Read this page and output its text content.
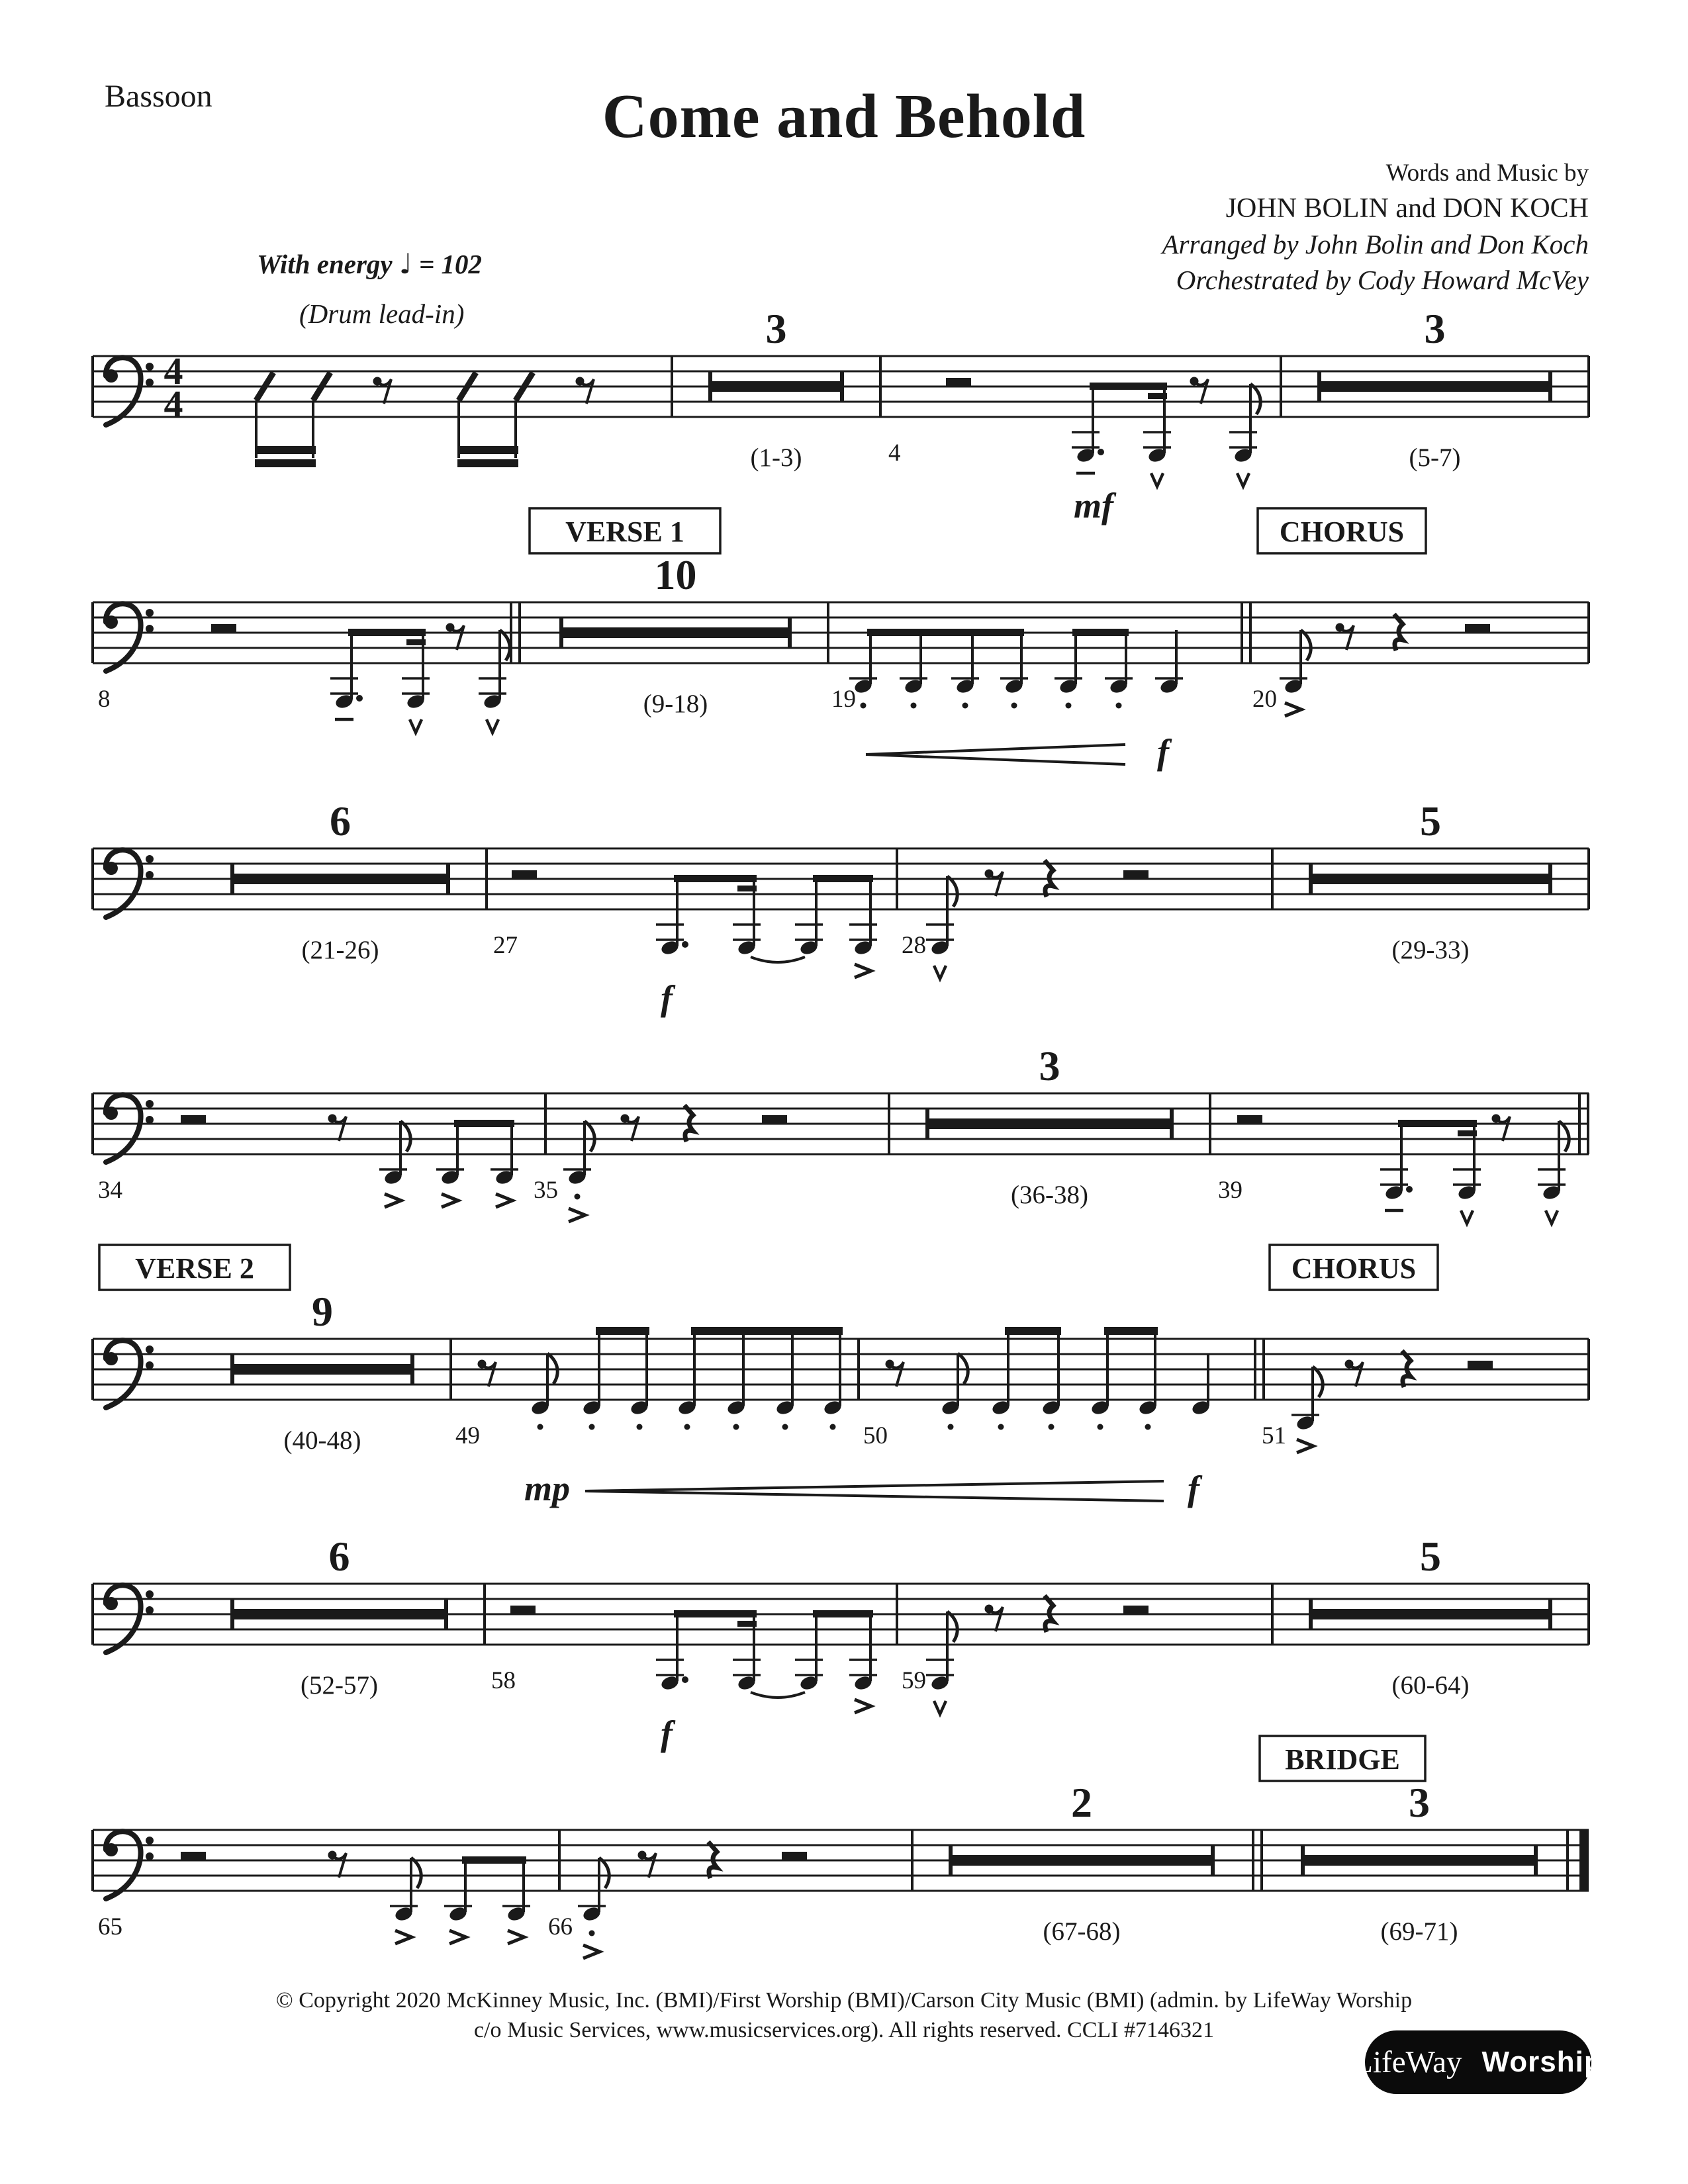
Bassoon	Come and Behold
Words and Music by
JOHN BOLIN and DON KOCH
Arranged by John Bolin and Don Koch
Orchestrated by Cody Howard McVey
With energy ♩ = 102
(Drum lead-in)
4
4
3
(1-3)	4
mf
3
(5-7)
8
VERSE 1
10
(9-18)	19
f
CHORUS
20
6
(21-26)	27
f
28
5
(29-33)
34	35
3
(36-38)	39
VERSE 2
9
(40-48)	49
mp
50
f
CHORUS
51
6
(52-57)	58
f
59
5
(60-64)
65	66
2
(67-68)
BRIDGE
3
(69-71)
© Copyright 2020 McKinney Music, Inc. (BMI)/First Worship (BMI)/Carson City Music (BMI) (admin. by LifeWay Worship
c/o Music Services, www.musicservices.org). All rights reserved. CCLI #7146321
LifeWay Worship
